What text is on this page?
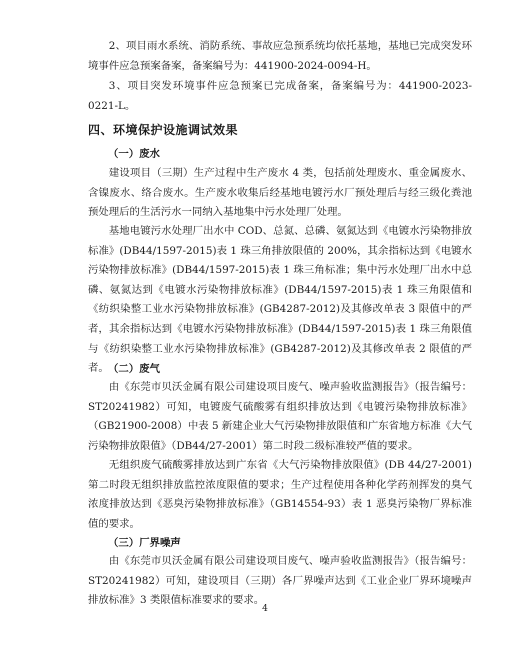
2、项目雨水系统、消防系统、事故应急预系统均依托基地，基地已完成突发环境事件应急预案备案，备案编号为：441900-2024-0094-H。

3、项目突发环境事件应急预案已完成备案，备案编号为：441900-2023-0221-L。

四、环境保护设施调试效果

（一）废水

建设项目（三期）生产过程中生产废水 4 类，包括前处理废水、重金属废水、含镍废水、络合废水。生产废水收集后经基地电镀污水厂预处理后与经三级化粪池预处理后的生活污水一同纳入基地集中污水处理厂处理。

基地电镀污水处理厂出水中 COD、总氮、总磷、氨氮达到《电镀水污染物排放标准》(DB44/1597-2015)表 1 珠三角排放限值的 200%，其余指标达到《电镀水污染物排放标准》(DB44/1597-2015)表 1 珠三角标准；集中污水处理厂出水中总磷、氨氮达到《电镀水污染物排放标准》(DB44/1597-2015)表 1 珠三角限值和《纺织染整工业水污染物排放标准》(GB4287-2012)及其修改单表 3 限值中的严者，其余指标达到《电镀水污染物排放标准》(DB44/1597-2015)表 1 珠三角限值与《纺织染整工业水污染物排放标准》(GB4287-2012)及其修改单表 2 限值的严者。 （二）废气

由《东莞市贝沃金属有限公司建设项目废气、噪声验收监测报告》（报告编号：ST20241982）可知，电镀废气硫酸雾有组织排放达到《电镀污染物排放标准》（GB21900-2008）中表 5 新建企业大气污染物排放限值和广东省地方标准《大气污染物排放限值》（DB44/27-2001）第二时段二级标准较严值的要求。

无组织废气硫酸雾排放达到广东省《大气污染物排放限值》(DB 44/27-2001)第二时段无组织排放监控浓度限值的要求；生产过程使用各种化学药剂挥发的臭气浓度排放达到《恶臭污染物排放标准》（GB14554-93）表 1 恶臭污染物厂界标准值的要求。

（三）厂界噪声

由《东莞市贝沃金属有限公司建设项目废气、噪声验收监测报告》（报告编号：ST20241982）可知，建设项目（三期）各厂界噪声达到《工业企业厂界环境噪声排放标准》3 类限值标准要求的要求。

4
